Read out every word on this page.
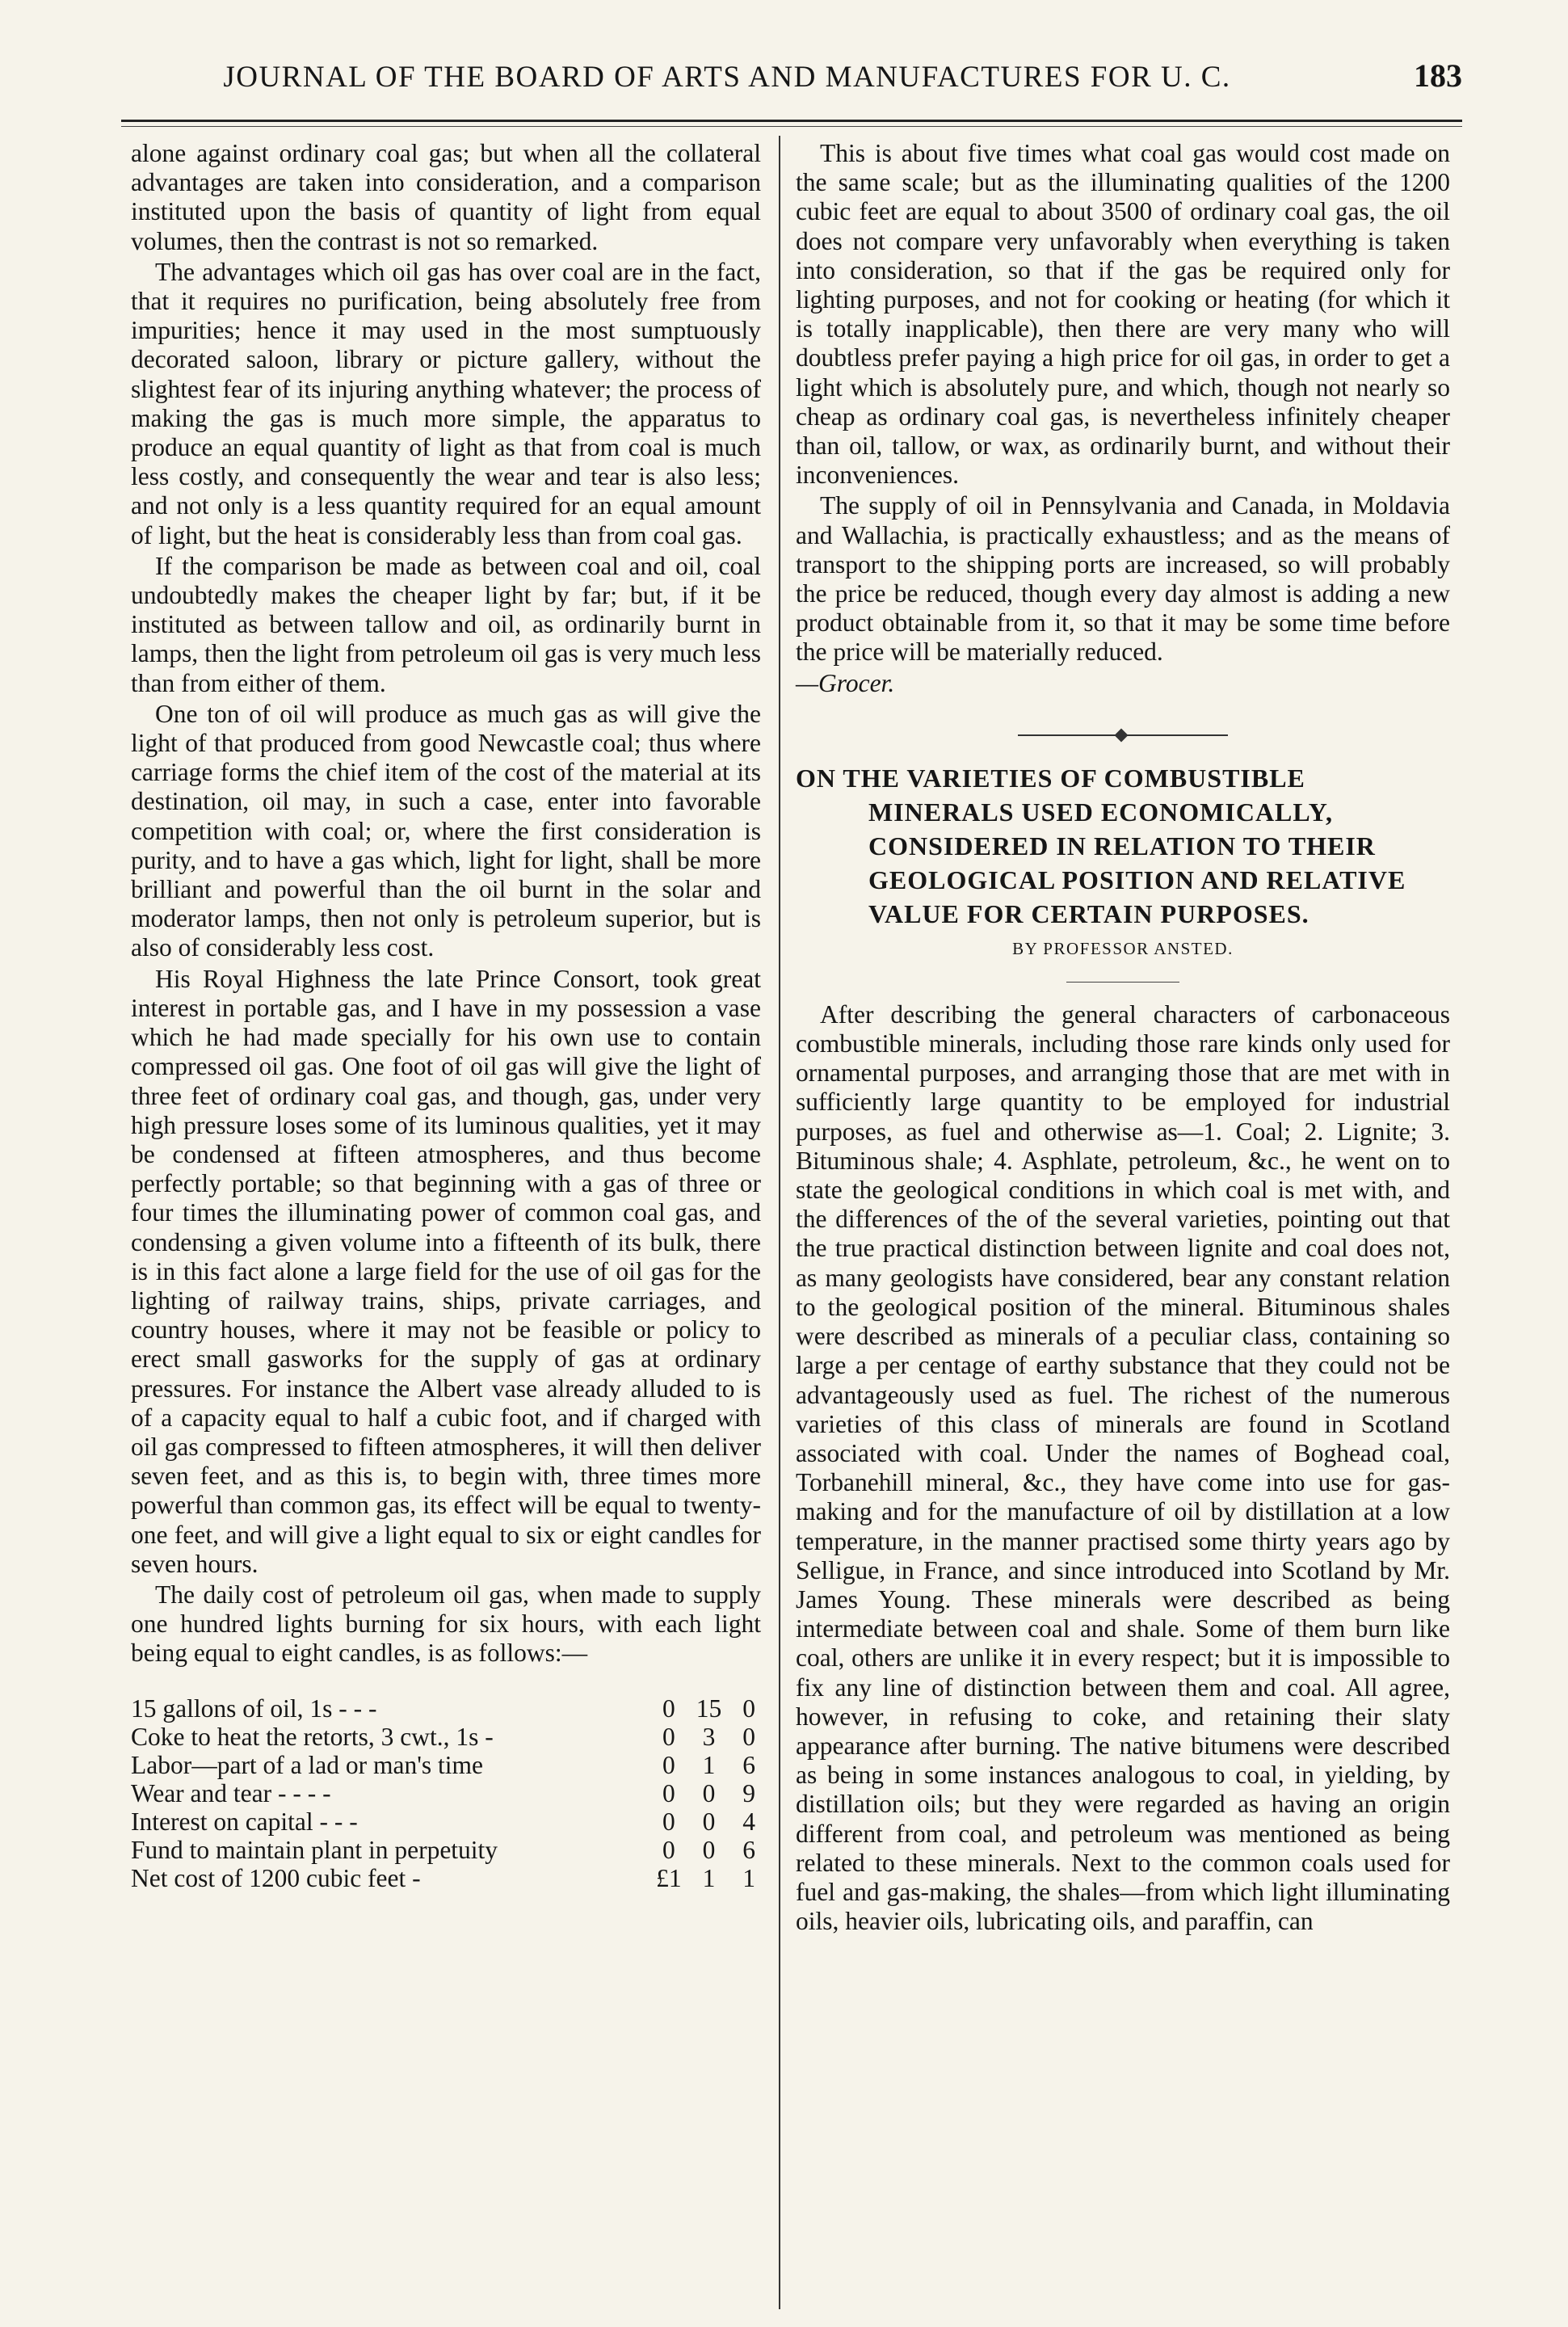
JOURNAL OF THE BOARD OF ARTS AND MANUFACTURES FOR U. C.	183

alone against ordinary coal gas; but when all the collateral advantages are taken into consideration, and a comparison instituted upon the basis of quantity of light from equal volumes, then the contrast is not so remarked.

The advantages which oil gas has over coal are in the fact, that it requires no purification, being absolutely free from impurities; hence it may used in the most sumptuously decorated saloon, library or picture gallery, without the slightest fear of its injuring anything whatever; the process of making the gas is much more simple, the apparatus to produce an equal quantity of light as that from coal is much less costly, and consequently the wear and tear is also less; and not only is a less quantity required for an equal amount of light, but the heat is considerably less than from coal gas.

If the comparison be made as between coal and oil, coal undoubtedly makes the cheaper light by far; but, if it be instituted as between tallow and oil, as ordinarily burnt in lamps, then the light from petroleum oil gas is very much less than from either of them.

One ton of oil will produce as much gas as will give the light of that produced from good Newcastle coal; thus where carriage forms the chief item of the cost of the material at its destination, oil may, in such a case, enter into favorable competition with coal; or, where the first consideration is purity, and to have a gas which, light for light, shall be more brilliant and powerful than the oil burnt in the solar and moderator lamps, then not only is petroleum superior, but is also of considerably less cost.

His Royal Highness the late Prince Consort, took great interest in portable gas, and I have in my possession a vase which he had made specially for his own use to contain compressed oil gas. One foot of oil gas will give the light of three feet of ordinary coal gas, and though, gas, under very high pressure loses some of its luminous qualities, yet it may be condensed at fifteen atmospheres, and thus become perfectly portable; so that beginning with a gas of three or four times the illuminating power of common coal gas, and condensing a given volume into a fifteenth of its bulk, there is in this fact alone a large field for the use of oil gas for the lighting of railway trains, ships, private carriages, and country houses, where it may not be feasible or policy to erect small gasworks for the supply of gas at ordinary pressures. For instance the Albert vase already alluded to is of a capacity equal to half a cubic foot, and if charged with oil gas compressed to fifteen atmospheres, it will then deliver seven feet, and as this is, to begin with, three times more powerful than common gas, its effect will be equal to twenty-one feet, and will give a light equal to six or eight candles for seven hours.

The daily cost of petroleum oil gas, when made to supply one hundred lights burning for six hours, with each light being equal to eight candles, is as follows:—

15 gallons of oil, 1s - - -	0	15	0
Coke to heat the retorts, 3 cwt., 1s -	0	3	0
Labor—part of a lad or man's time	0	1	6
Wear and tear - - - -	0	0	9
Interest on capital - - -	0	0	4
Fund to maintain plant in perpetuity	0	0	6
Net cost of 1200 cubic feet -	£1	1	1

This is about five times what coal gas would cost made on the same scale; but as the illuminating qualities of the 1200 cubic feet are equal to about 3500 of ordinary coal gas, the oil does not compare very unfavorably when everything is taken into consideration, so that if the gas be required only for lighting purposes, and not for cooking or heating (for which it is totally inapplicable), then there are very many who will doubtless prefer paying a high price for oil gas, in order to get a light which is absolutely pure, and which, though not nearly so cheap as ordinary coal gas, is nevertheless infinitely cheaper than oil, tallow, or wax, as ordinarily burnt, and without their inconveniences.

The supply of oil in Pennsylvania and Canada, in Moldavia and Wallachia, is practically exhaustless; and as the means of transport to the shipping ports are increased, so will probably the price be reduced, though every day almost is adding a new product obtainable from it, so that it may be some time before the price will be materially reduced.

—Grocer.

ON THE VARIETIES OF COMBUSTIBLE MINERALS USED ECONOMICALLY, CONSIDERED IN RELATION TO THEIR GEOLOGICAL POSITION AND RELATIVE VALUE FOR CERTAIN PURPOSES.
BY PROFESSOR ANSTED.

After describing the general characters of carbonaceous combustible minerals, including those rare kinds only used for ornamental purposes, and arranging those that are met with in sufficiently large quantity to be employed for industrial purposes, as fuel and otherwise as—1. Coal; 2. Lignite; 3. Bituminous shale; 4. Asphlate, petroleum, &c., he went on to state the geological conditions in which coal is met with, and the differences of the of the several varieties, pointing out that the true practical distinction between lignite and coal does not, as many geologists have considered, bear any constant relation to the geological position of the mineral. Bituminous shales were described as minerals of a peculiar class, containing so large a per centage of earthy substance that they could not be advantageously used as fuel. The richest of the numerous varieties of this class of minerals are found in Scotland associated with coal. Under the names of Boghead coal, Torbanehill mineral, &c., they have come into use for gas-making and for the manufacture of oil by distillation at a low temperature, in the manner practised some thirty years ago by Selligue, in France, and since introduced into Scotland by Mr. James Young. These minerals were described as being intermediate between coal and shale. Some of them burn like coal, others are unlike it in every respect; but it is impossible to fix any line of distinction between them and coal. All agree, however, in refusing to coke, and retaining their slaty appearance after burning. The native bitumens were described as being in some instances analogous to coal, in yielding, by distillation oils; but they were regarded as having an origin different from coal, and petroleum was mentioned as being related to these minerals. Next to the common coals used for fuel and gas-making, the shales—from which light illuminating oils, heavier oils, lubricating oils, and paraffin, can
